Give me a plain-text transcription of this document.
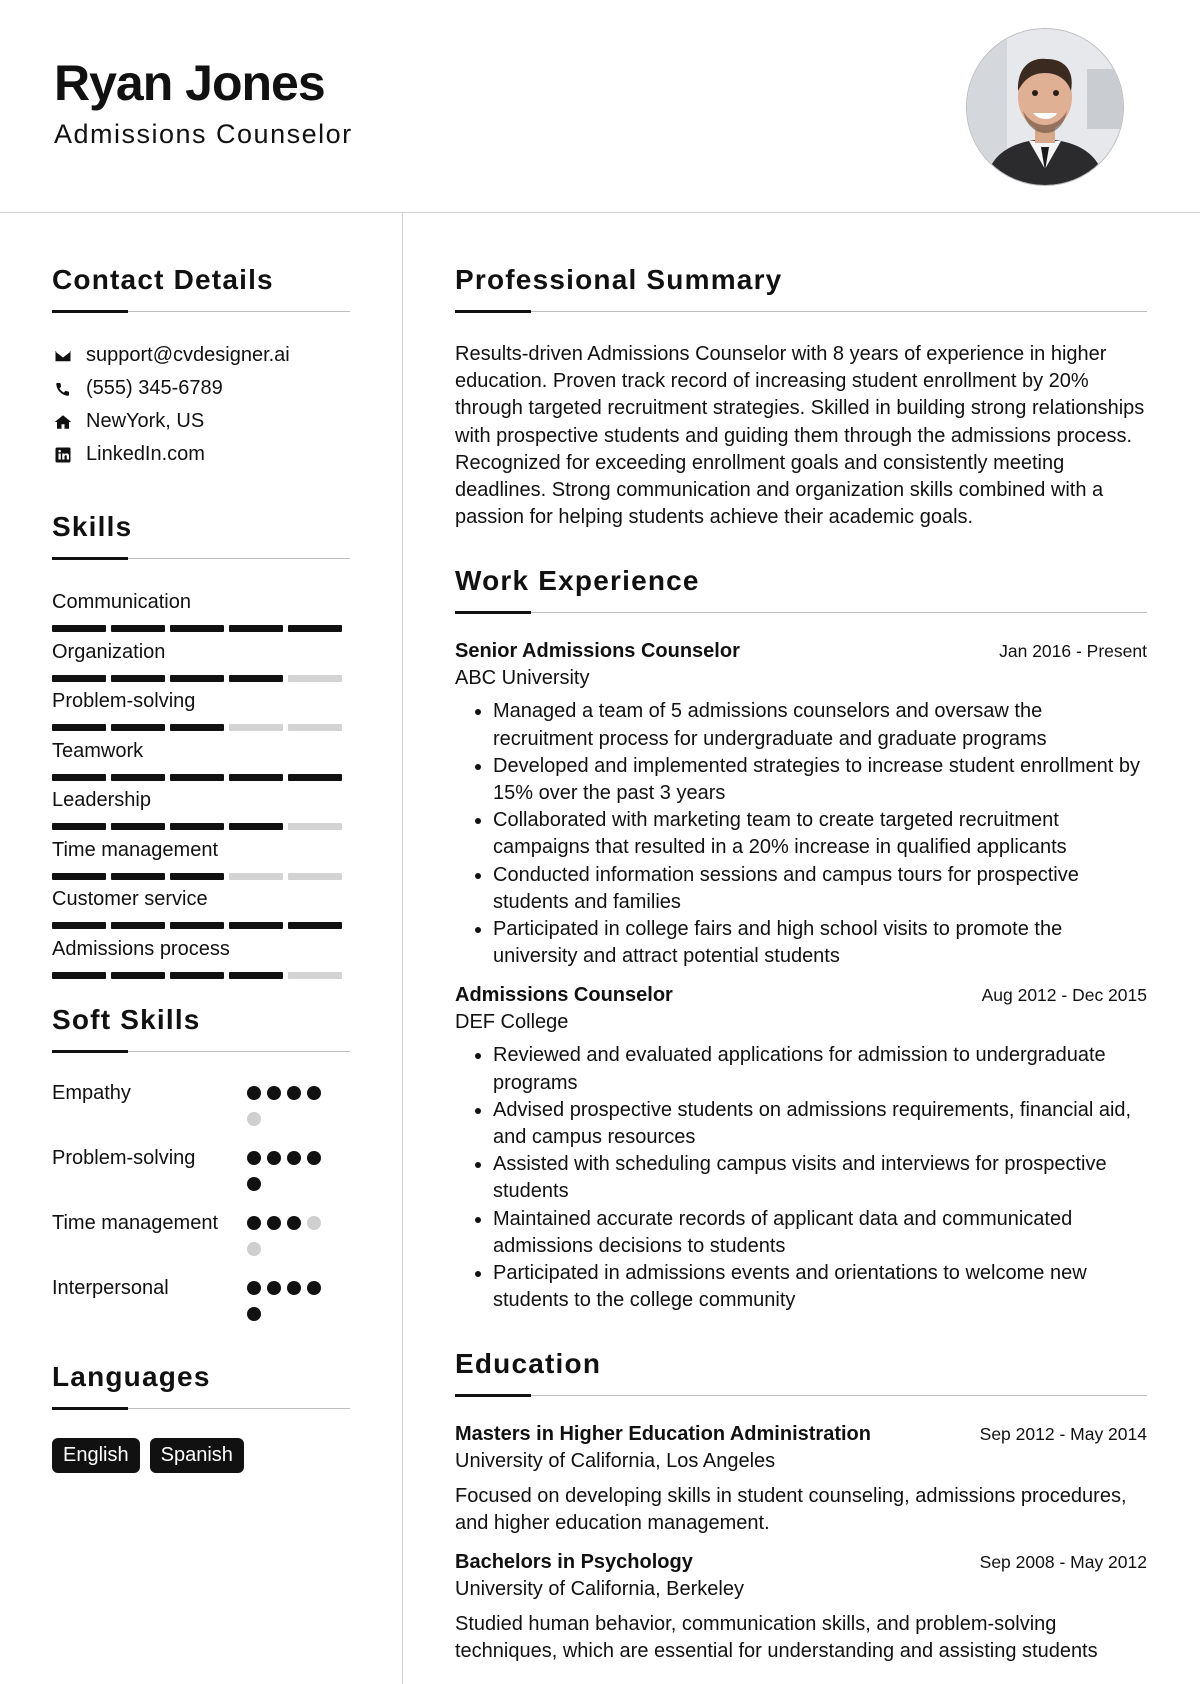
Ryan Jones
Admissions Counselor
Contact Details
support@cvdesigner.ai
(555) 345-6789
NewYork, US
LinkedIn.com
Skills
Communication
Organization
Problem-solving
Teamwork
Leadership
Time management
Customer service
Admissions process
Soft Skills
Empathy
Problem-solving
Time management
Interpersonal
Languages
English	Spanish
Professional Summary

Results-driven Admissions Counselor with 8 years of experience in higher education. Proven track record of increasing student enrollment by 20% through targeted recruitment strategies. Skilled in building strong relationships with prospective students and guiding them through the admissions process. Recognized for exceeding enrollment goals and consistently meeting deadlines. Strong communication and organization skills combined with a passion for helping students achieve their academic goals.

Work Experience
Senior Admissions Counselor	Jan 2016 - Present
ABC University
• Managed a team of 5 admissions counselors and oversaw the recruitment process for undergraduate and graduate programs
• Developed and implemented strategies to increase student enrollment by 15% over the past 3 years
• Collaborated with marketing team to create targeted recruitment campaigns that resulted in a 20% increase in qualified applicants
• Conducted information sessions and campus tours for prospective students and families
• Participated in college fairs and high school visits to promote the university and attract potential students
Admissions Counselor	Aug 2012 - Dec 2015
DEF College
• Reviewed and evaluated applications for admission to undergraduate programs
• Advised prospective students on admissions requirements, financial aid, and campus resources
• Assisted with scheduling campus visits and interviews for prospective students
• Maintained accurate records of applicant data and communicated admissions decisions to students
• Participated in admissions events and orientations to welcome new students to the college community
Education
Masters in Higher Education Administration	Sep 2012 - May 2014
University of California, Los Angeles
Focused on developing skills in student counseling, admissions procedures, and higher education management.
Bachelors in Psychology	Sep 2008 - May 2012
University of California, Berkeley
Studied human behavior, communication skills, and problem-solving techniques, which are essential for understanding and assisting students
